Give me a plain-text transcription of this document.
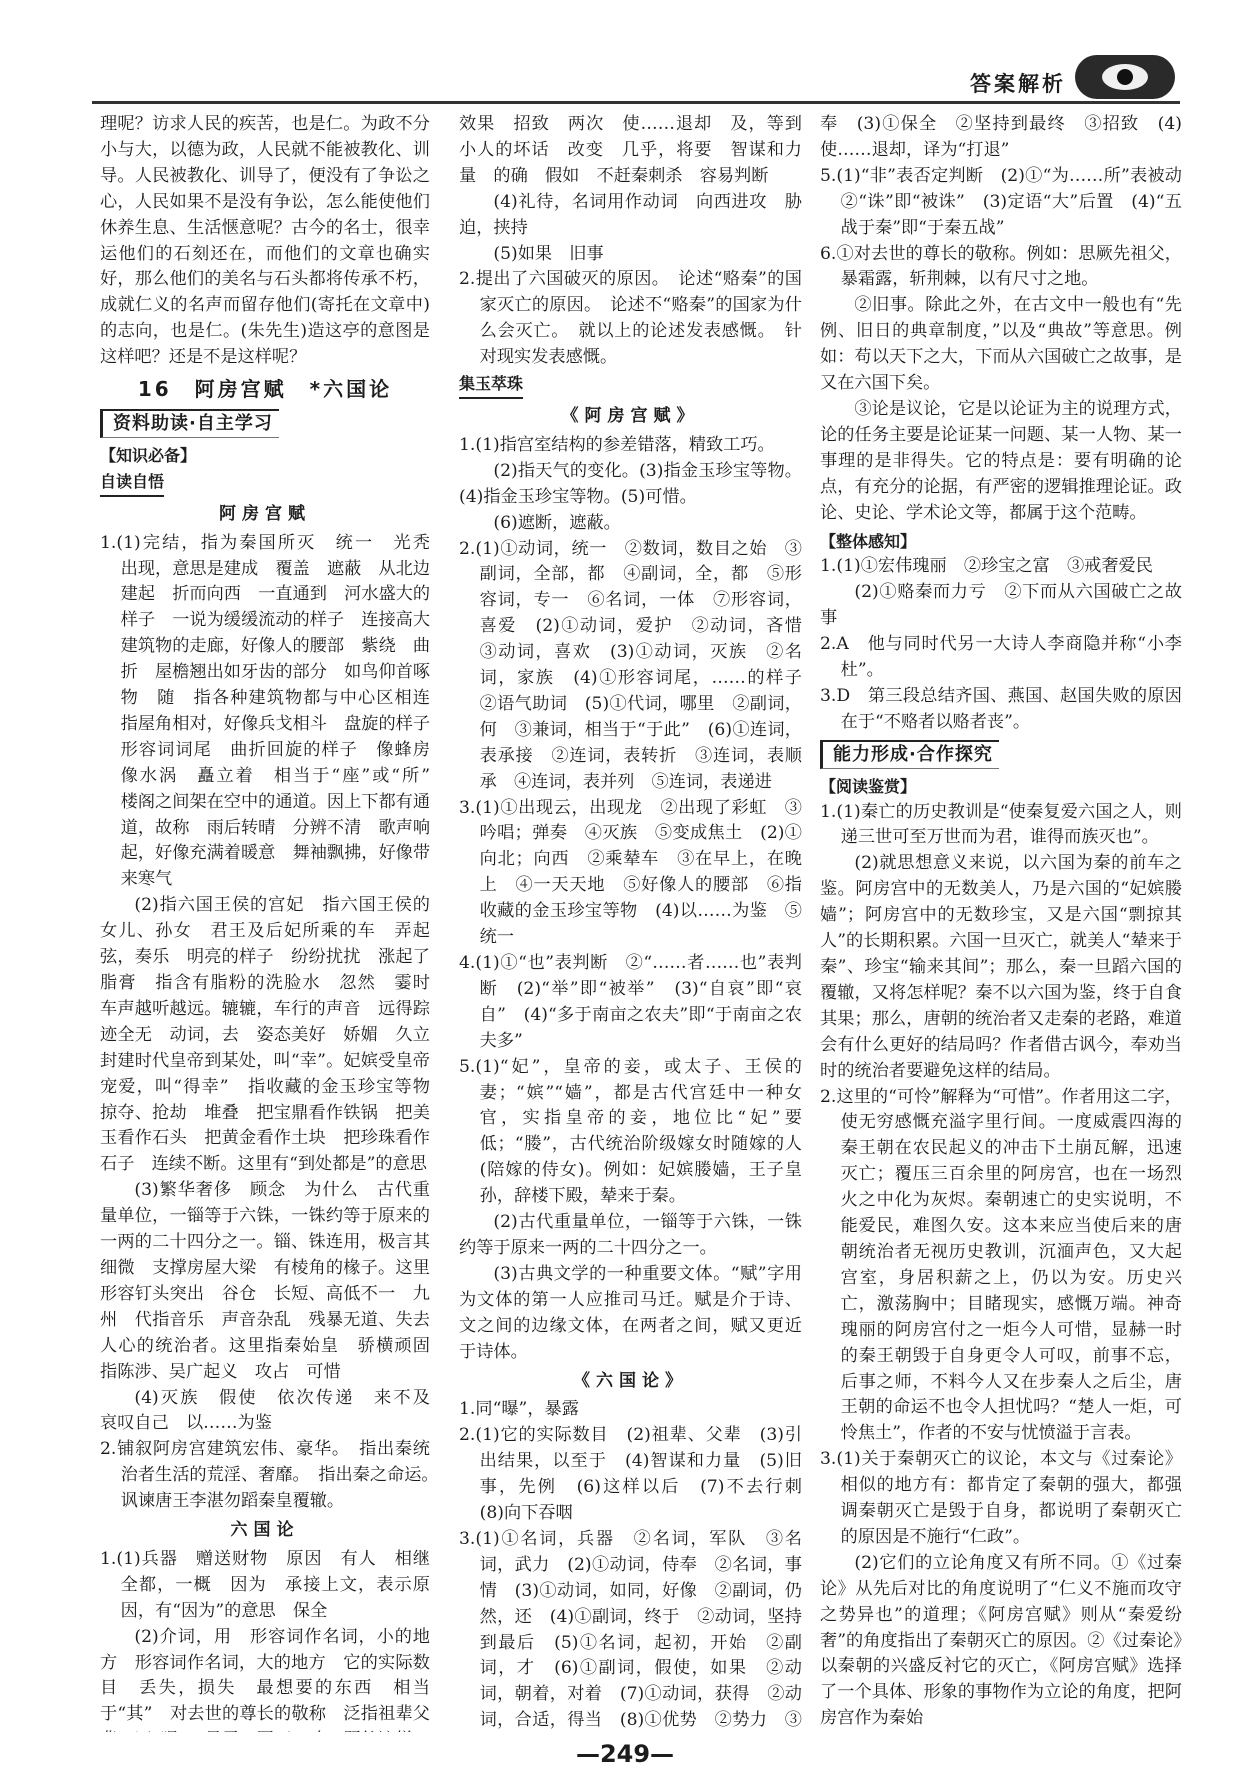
答案解析

理呢？访求人民的疾苦，也是仁。为政不分小与大，以德为政，人民就不能被教化、训导。人民被教化、训导了，便没有了争讼之心，人民如果不是没有争讼，怎么能使他们休养生息、生活惬意呢？古今的名士，很幸运他们的石刻还在，而他们的文章也确实好，那么他们的美名与石头都将传承不朽，成就仁义的名声而留存他们(寄托在文章中)的志向，也是仁。(朱先生)造这亭的意图是这样吧？还是不是这样呢？

16　阿房宫赋　*六国论

资料助读·自主学习

【知识必备】

自读自悟

阿房宫赋

1.(1)完结，指为秦国所灭　统一　光秃　出现，意思是建成　覆盖　遮蔽　从北边建起　折而向西　一直通到　河水盛大的样子　一说为缓缓流动的样子　连接高大建筑物的走廊，好像人的腰部　紫绕　曲折　屋檐翘出如牙齿的部分　如鸟仰首啄物　随　指各种建筑物都与中心区相连　指屋角相对，好像兵戈相斗　盘旋的样子　形容词词尾　曲折回旋的样子　像蜂房　像水涡　矗立着　相当于“座”或“所”　楼阁之间架在空中的通道。因上下都有通道，故称　雨后转晴　分辨不清　歌声响起，好像充满着暖意　舞袖飘拂，好像带来寒气

(2)指六国王侯的宫妃　指六国王侯的女儿、孙女　君王及后妃所乘的车　弄起弦，奏乐　明亮的样子　纷纷扰扰　涨起了脂膏　指含有脂粉的洗脸水　忽然　霎时　车声越听越远。辘辘，车行的声音　远得踪迹全无　动词，去　姿态美好　娇媚　久立　封建时代皇帝到某处，叫“幸”。妃嫔受皇帝宠爱，叫“得幸”　指收藏的金玉珍宝等物　掠夺、抢劫　堆叠　把宝鼎看作铁锅　把美玉看作石头　把黄金看作土块　把珍珠看作石子　连续不断。这里有“到处都是”的意思

(3)繁华奢侈　顾念　为什么　古代重量单位，一锱等于六铢，一铢约等于原来的一两的二十四分之一。锱、铢连用，极言其细微　支撑房屋大梁　有棱角的椽子。这里形容钉头突出　谷仓　长短、高低不一　九州　代指音乐　声音杂乱　残暴无道、失去人心的统治者。这里指秦始皇　骄横顽固　指陈涉、吴广起义　攻占　可惜

(4)灭族　假使　依次传递　来不及　哀叹自己　以……为鉴

2.铺叙阿房宫建筑宏伟、豪华。　指出秦统治者生活的荒淫、奢靡。　指出秦之命运。　讽谏唐王李湛勿蹈秦皇覆辙。

六国论

1.(1)兵器　赠送财物　原因　有人　相继　全都，一概　因为　承接上文，表示原因，有“因为”的意思　保全

(2)介词，用　形容词作名词，小的地方　形容词作名词，大的地方　它的实际数目　丢失，损失　最想要的东西　相当于“其”　对去世的尊长的敬称　泛指祖辈父　　　　　　　　　　

效果　招致　两次　使……退却　及，等到　小人的坏话　改变　几乎，将要　智谋和力量　的确　假如　不赶秦刺杀　容易判断

(4)礼待，名词用作动词　向西进攻　胁迫，挟持

(5)如果　旧事

2.提出了六国破灭的原因。　论述“赂秦”的国家灭亡的原因。　论述不“赂秦”的国家为什么会灭亡。　就以上的论述发表感慨。　针对现实发表感慨。

集玉萃珠

《阿房宫赋》

1.(1)指宫室结构的参差错落，精致工巧。

(2)指天气的变化。(3)指金玉珍宝等物。(4)指金玉珍宝等物。(5)可惜。

(6)遮断，遮蔽。

2.(1)①动词，统一　②数词，数目之始　③副词，全部，都　④副词，全，都　⑤形容词，专一　⑥名词，一体　⑦形容词，喜爱　(2)①动词，爱护　②动词，吝惜　③动词，喜欢　(3)①动词，灭族　②名词，家族　(4)①形容词尾，……的样子　②语气助词　(5)①代词，哪里　②副词，何　③兼词，相当于“于此”　(6)①连词，表承接　②连词，表转折　③连词，表顺承　④连词，表并列　⑤连词，表递进

3.(1)①出现云，出现龙　②出现了彩虹　③吟唱；弹奏　④灭族　⑤变成焦土　(2)①向北；向西　②乘辇车　③在早上，在晚上　④一天天地　⑤好像人的腰部　⑥指收藏的金玉珍宝等物　(4)以……为鉴　⑤统一

4.(1)①“也”表判断　②“……者……也”表判断　(2)“举”即“被举”　(3)“自哀”即“哀自”　(4)“多于南亩之农夫”即“于南亩之农夫多”

5.(1)“妃”，皇帝的妾，或太子、王侯的妻；“嫔”“嫱”，都是古代宫廷中一种女官，实指皇帝的妾，地位比“妃”要低；“媵”，古代统治阶级嫁女时随嫁的人(陪嫁的侍女)。例如：妃嫔媵嫱，王子皇孙，辞楼下殿，辇来于秦。

(2)古代重量单位，一锱等于六铢，一铢约等于原来一两的二十四分之一。

(3)古典文学的一种重要文体。“赋”字用为文体的第一人应推司马迁。赋是介于诗、文之间的边缘文体，在两者之间，赋又更近于诗体。

《六国论》

1.同“曝”，暴露

2.(1)它的实际数目　(2)祖辈、父辈　(3)引出结果，以至于　(4)智谋和力量　(5)旧事，先例　(6)这样以后　(7)不去行刺　(8)向下吞咽

3.(1)①名词，兵器　②名词，军队　③名词，武力　(2)①动词，侍奉　②名词，事情　(3)①动词，如同，好像　②副词，仍然，还　(4)①副词，终于　②动词，坚持到最后　(5)①名词，起初，开始　②副词，才　(6)①副词，假使，如果　②动词，朝着，对着　(7)①动词，获得　②动词，合适，得当　(8)①优势　②势力　③　　　　　　

奉　(3)①保全　②坚持到最终　③招致　(4)使……退却，译为“打退”

5.(1)“非”表否定判断　(2)①“为……所”表被动　②“诛”即“被诛”　(3)定语“大”后置　(4)“五战于秦”即“于秦五战”

6.①对去世的尊长的敬称。例如：思厥先祖父，暴霜露，斩荆棘，以有尺寸之地。

②旧事。除此之外，在古文中一般也有“先例、旧日的典章制度，”以及“典故”等意思。例如：苟以天下之大，下而从六国破亡之故事，是又在六国下矣。

③论是议论，它是以论证为主的说理方式，论的任务主要是论证某一问题、某一人物、某一事理的是非得失。它的特点是：要有明确的论点，有充分的论据，有严密的逻辑推理论证。政论、史论、学术论文等，都属于这个范畴。

【整体感知】

1.(1)①宏伟瑰丽　②珍宝之富　③戒奢爱民

(2)①赂秦而力亏　②下而从六国破亡之故事

2.A　他与同时代另一大诗人李商隐并称“小李杜”。

3.D　第三段总结齐国、燕国、赵国失败的原因在于“不赂者以赂者丧”。

能力形成·合作探究

【阅读鉴赏】

1.(1)秦亡的历史教训是“使秦复爱六国之人，则递三世可至万世而为君，谁得而族灭也”。

(2)就思想意义来说，以六国为秦的前车之鉴。阿房宫中的无数美人，乃是六国的“妃嫔媵嫱”；阿房宫中的无数珍宝，又是六国“剽掠其人”的长期积累。六国一旦灭亡，就美人“辇来于秦”、珍宝“输来其间”；那么，秦一旦蹈六国的覆辙，又将怎样呢？秦不以六国为鉴，终于自食其果；那么，唐朝的统治者又走秦的老路，难道会有什么更好的结局吗？作者借古讽今，奉劝当时的统治者要避免这样的结局。

2.这里的“可怜”解释为“可惜”。作者用这二字，使无穷感慨充溢字里行间。一度威震四海的秦王朝在农民起义的冲击下土崩瓦解，迅速灭亡；覆压三百余里的阿房宫，也在一场烈火之中化为灰烬。秦朝速亡的史实说明，不能爱民，难图久安。这本来应当使后来的唐朝统治者无视历史教训，沉湎声色，又大起宫室，身居积薪之上，仍以为安。历史兴亡，激荡胸中；目睹现实，感慨万端。神奇瑰丽的阿房宫付之一炬今人可惜，显赫一时的秦王朝毁于自身更令人可叹，前事不忘，后事之师，不料今人又在步秦人之后尘，唐王朝的命运不也令人担忧吗？“楚人一炬，可怜焦土”，作者的不安与忧愤溢于言表。

3.(1)关于秦朝灭亡的议论，本文与《过秦论》相似的地方有：都肯定了秦朝的强大，都强调秦朝灭亡是毁于自身，都说明了秦朝灭亡的原因是不施行“仁政”。

(2)它们的立论角度又有所不同。①《过秦论》从先后对比的角度说明了“仁义不施而攻守之势异也”的道理；《阿房宫赋》则从“秦爱纷奢”的角度指出了秦朝灭亡的原因。②《过秦论》以秦朝的兴盛反衬它的灭亡，《阿房宫赋》选择了一个具体、形象的事物作为立论的角度，把阿房宫作为秦始

—249—
